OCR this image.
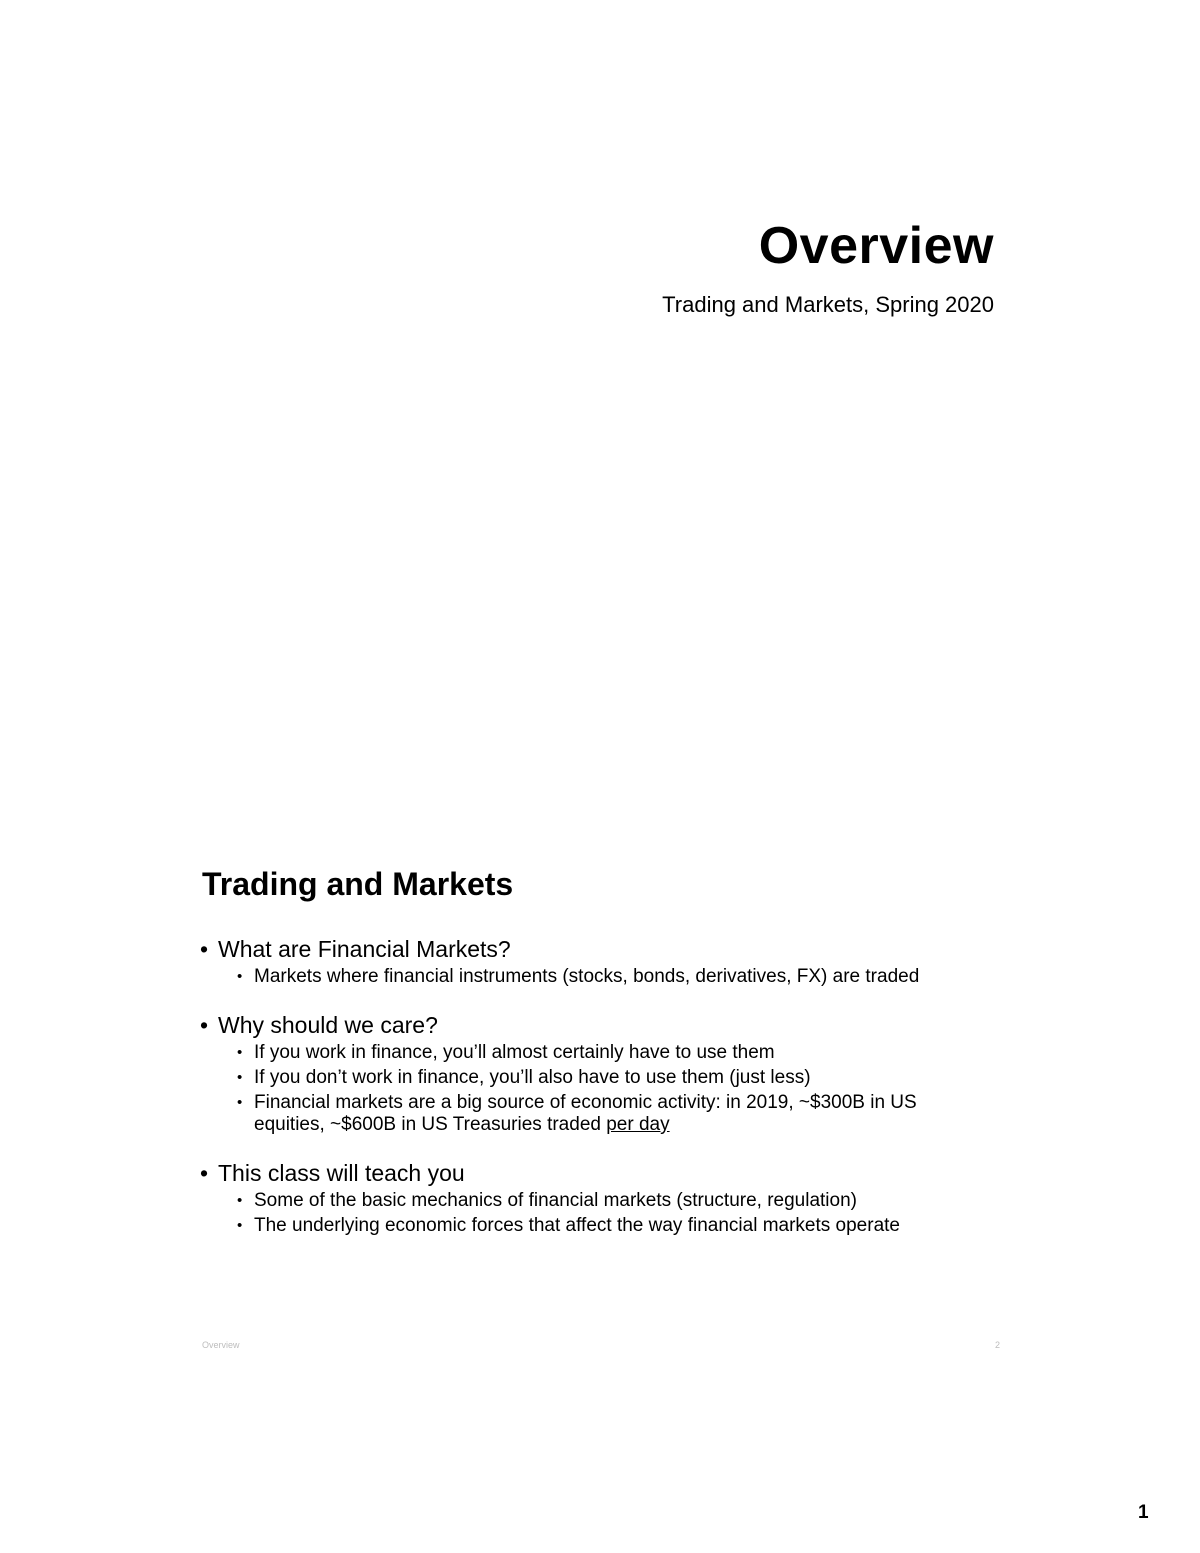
Overview
Trading and Markets, Spring 2020
Trading and Markets
• What are Financial Markets?
• Markets where financial instruments (stocks, bonds, derivatives, FX) are traded
• Why should we care?
• If you work in finance, you’ll almost certainly have to use them
• If you don’t work in finance, you’ll also have to use them (just less)
• Financial markets are a big source of economic activity: in 2019, ~$300B in US equities, ~$600B in US Treasuries traded per day
• This class will teach you
• Some of the basic mechanics of financial markets (structure, regulation)
• The underlying economic forces that affect the way financial markets operate
Overview	2
1
